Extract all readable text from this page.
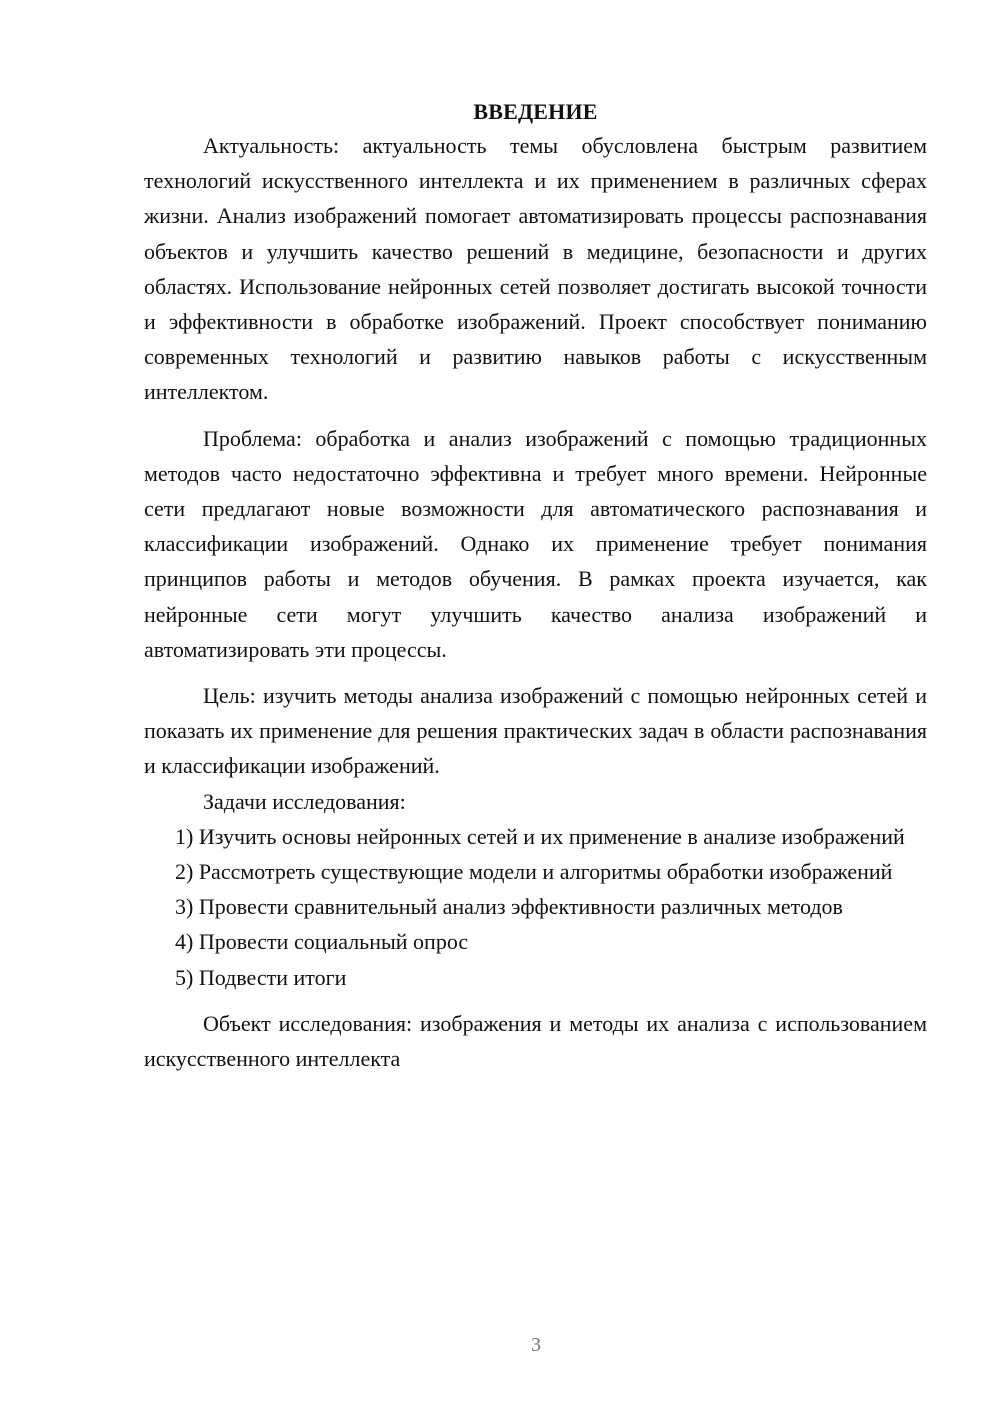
ВВЕДЕНИЕ

Актуальность: актуальность темы обусловлена быстрым развитием технологий искусственного интеллекта и их применением в различных сферах жизни. Анализ изображений помогает автоматизировать процессы распознавания объектов и улучшить качество решений в медицине, безопасности и других областях. Использование нейронных сетей позволяет достигать высокой точности и эффективности в обработке изображений. Проект способствует пониманию современных технологий и развитию навыков работы с искусственным интеллектом.

Проблема: обработка и анализ изображений с помощью традиционных методов часто недостаточно эффективна и требует много времени. Нейронные сети предлагают новые возможности для автоматического распознавания и классификации изображений. Однако их применение требует понимания принципов работы и методов обучения. В рамках проекта изучается, как нейронные сети могут улучшить качество анализа изображений и автоматизировать эти процессы.

Цель: изучить методы анализа изображений с помощью нейронных сетей и показать их применение для решения практических задач в области распознавания и классификации изображений.

Задачи исследования:

1) Изучить основы нейронных сетей и их применение в анализе изображений

2) Рассмотреть существующие модели и алгоритмы обработки изображений

3) Провести сравнительный анализ эффективности различных методов

4) Провести социальный опрос

5) Подвести итоги

Объект исследования: изображения и методы их анализа с использованием искусственного интеллекта

3
